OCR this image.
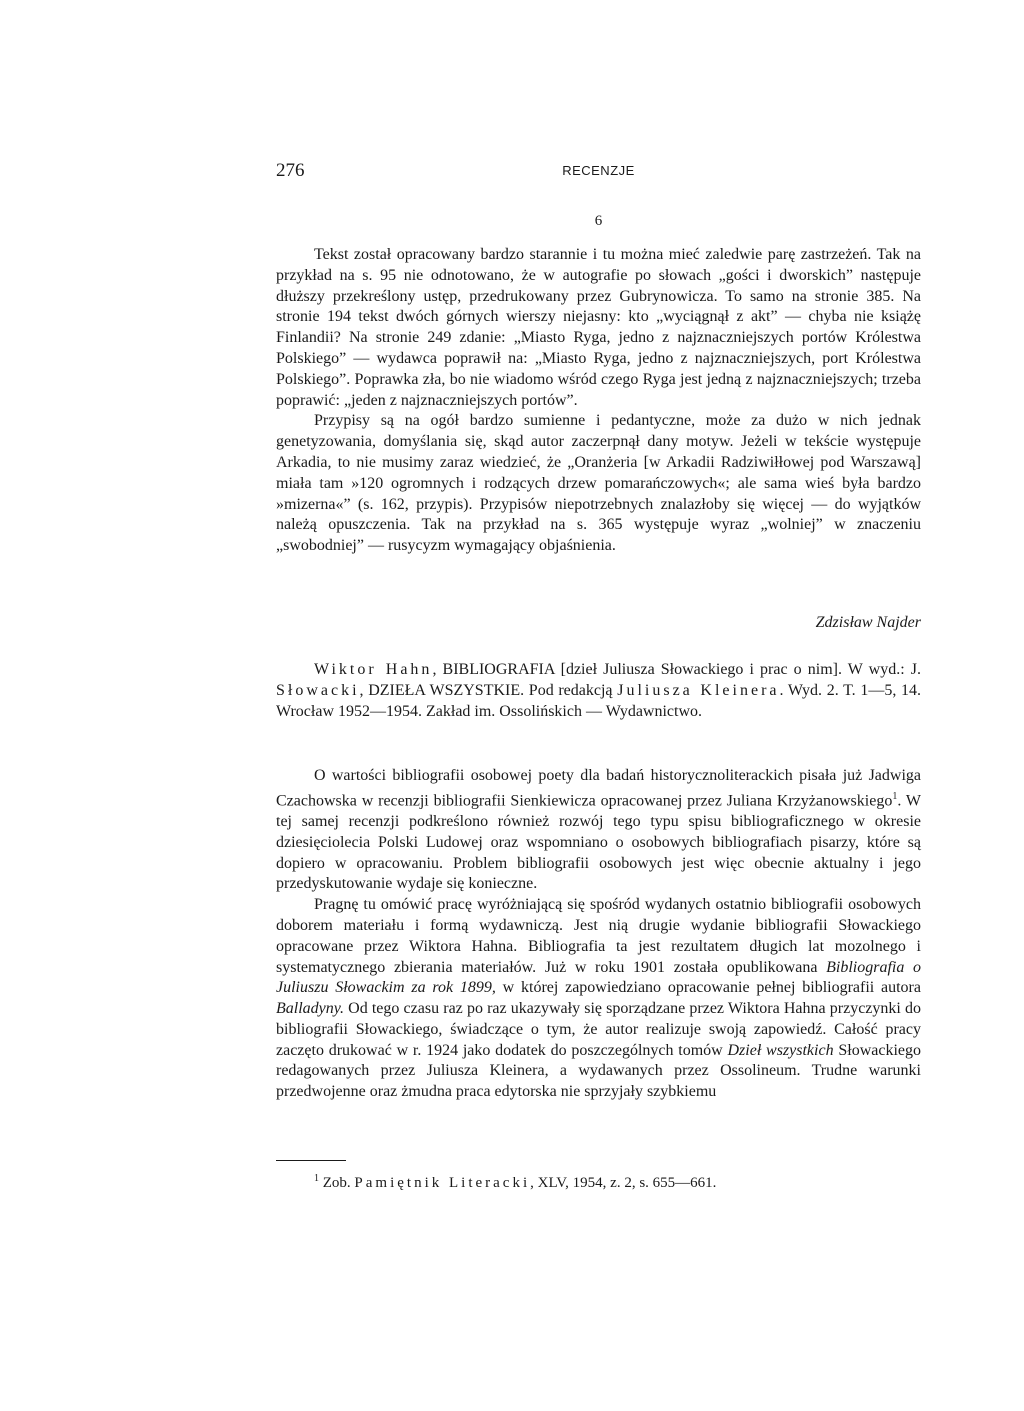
276	RECENZJE
6

Tekst został opracowany bardzo starannie i tu można mieć zaledwie parę zastrzeżeń. Tak na przykład na s. 95 nie odnotowano, że w autografie po słowach „gości i dworskich” następuje dłuższy przekreślony ustęp, przedrukowany przez Gubrynowicza. To samo na stronie 385. Na stronie 194 tekst dwóch górnych wierszy niejasny: kto „wyciągnął z akt” — chyba nie książę Finlandii? Na stronie 249 zdanie: „Miasto Ryga, jedno z najznaczniejszych portów Królestwa Polskiego” — wydawca poprawił na: „Miasto Ryga, jedno z najznaczniejszych, port Królestwa Polskiego”. Poprawka zła, bo nie wiadomo wśród czego Ryga jest jedną z najznaczniejszych; trzeba poprawić: „jeden z najznaczniejszych portów”.

Przypisy są na ogół bardzo sumienne i pedantyczne, może za dużo w nich jednak genetyzowania, domyślania się, skąd autor zaczerpnął dany motyw. Jeżeli w tekście występuje Arkadia, to nie musimy zaraz wiedzieć, że „Oranżeria [w Arkadii Radziwiłłowej pod Warszawą] miała tam »120 ogromnych i rodzących drzew pomarańczowych«; ale sama wieś była bardzo »mizerna«” (s. 162, przypis). Przypisów niepotrzebnych znalazłoby się więcej — do wyjątków należą opuszczenia. Tak na przykład na s. 365 występuje wyraz „wolniej” w znaczeniu „swobodniej” — rusycyzm wymagający objaśnienia.

Zdzisław Najder
Wiktor Hahn, BIBLIOGRAFIA [dzieł Juliusza Słowackiego i prac o nim]. W wyd.: J. Słowacki, DZIEŁA WSZYSTKIE. Pod redakcją Juliusza Kleinera. Wyd. 2. T. 1—5, 14. Wrocław 1952—1954. Zakład im. Ossolińskich — Wydawnictwo.

O wartości bibliografii osobowej poety dla badań historycznoliterackich pisała już Jadwiga Czachowska w recenzji bibliografii Sienkiewicza opracowanej przez Juliana Krzyżanowskiego$^1$. W tej samej recenzji podkreślono również rozwój tego typu spisu bibliograficznego w okresie dziesięciolecia Polski Ludowej oraz wspomniano o osobowych bibliografiach pisarzy, które są dopiero w opracowaniu. Problem bibliografii osobowych jest więc obecnie aktualny i jego przedyskutowanie wydaje się konieczne.

Pragnę tu omówić pracę wyróżniającą się spośród wydanych ostatnio bibliografii osobowych doborem materiału i formą wydawniczą. Jest nią drugie wydanie bibliografii Słowackiego opracowane przez Wiktora Hahna. Bibliografia ta jest rezultatem długich lat mozolnego i systematycznego zbierania materiałów. Już w roku 1901 została opublikowana Bibliografia o Juliuszu Słowackim za rok 1899, w której zapowiedziano opracowanie pełnej bibliografii autora Balladyny. Od tego czasu raz po raz ukazywały się sporządzane przez Wiktora Hahna przyczynki do bibliografii Słowackiego, świadczące o tym, że autor realizuje swoją zapowiedź. Całość pracy zaczęto drukować w r. 1924 jako dodatek do poszczególnych tomów Dzieł wszystkich Słowackiego redagowanych przez Juliusza Kleinera, a wydawanych przez Ossolineum. Trudne warunki przedwojenne oraz żmudna praca edytorska nie sprzyjały szybkiemu

$^1$ Zob. Pamiętnik Literacki, XLV, 1954, z. 2, s. 655—661.
